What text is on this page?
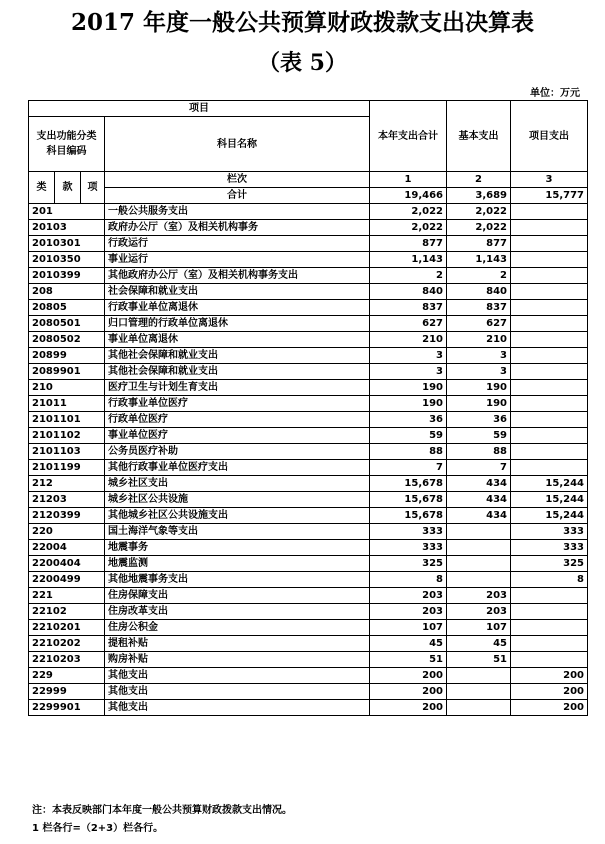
2017 年度一般公共预算财政拨款支出决算表
（表 5）
单位：万元
项目				本年支出合计	基本支出	项目支出
支出功能分类科目编码			科目名称			
类	款	项	栏次	1	2	3
			合计	19,466	3,689	15,777
201			一般公共服务支出	2,022	2,022	
20103			政府办公厅（室）及相关机构事务	2,022	2,022	
2010301			行政运行	877	877	
2010350			事业运行	1,143	1,143	
2010399			其他政府办公厅（室）及相关机构事务支出	2	2	
208			社会保障和就业支出	840	840	
20805			行政事业单位离退休	837	837	
2080501			归口管理的行政单位离退休	627	627	
2080502			事业单位离退休	210	210	
20899			其他社会保障和就业支出	3	3	
2089901			其他社会保障和就业支出	3	3	
210			医疗卫生与计划生育支出	190	190	
21011			行政事业单位医疗	190	190	
2101101			行政单位医疗	36	36	
2101102			事业单位医疗	59	59	
2101103			公务员医疗补助	88	88	
2101199			其他行政事业单位医疗支出	7	7	
212			城乡社区支出	15,678	434	15,244
21203			城乡社区公共设施	15,678	434	15,244
2120399			其他城乡社区公共设施支出	15,678	434	15,244
220			国土海洋气象等支出	333		333
22004			地震事务	333		333
2200404			地震监测	325		325
2200499			其他地震事务支出	8		8
221			住房保障支出	203	203	
22102			住房改革支出	203	203	
2210201			住房公积金	107	107	
2210202			提租补贴	45	45	
2210203			购房补贴	51	51	
229			其他支出	200		200
22999			其他支出	200		200
2299901			其他支出	200		200
注：本表反映部门本年度一般公共预算财政拨款支出情况。
1 栏各行=（2+3）栏各行。
